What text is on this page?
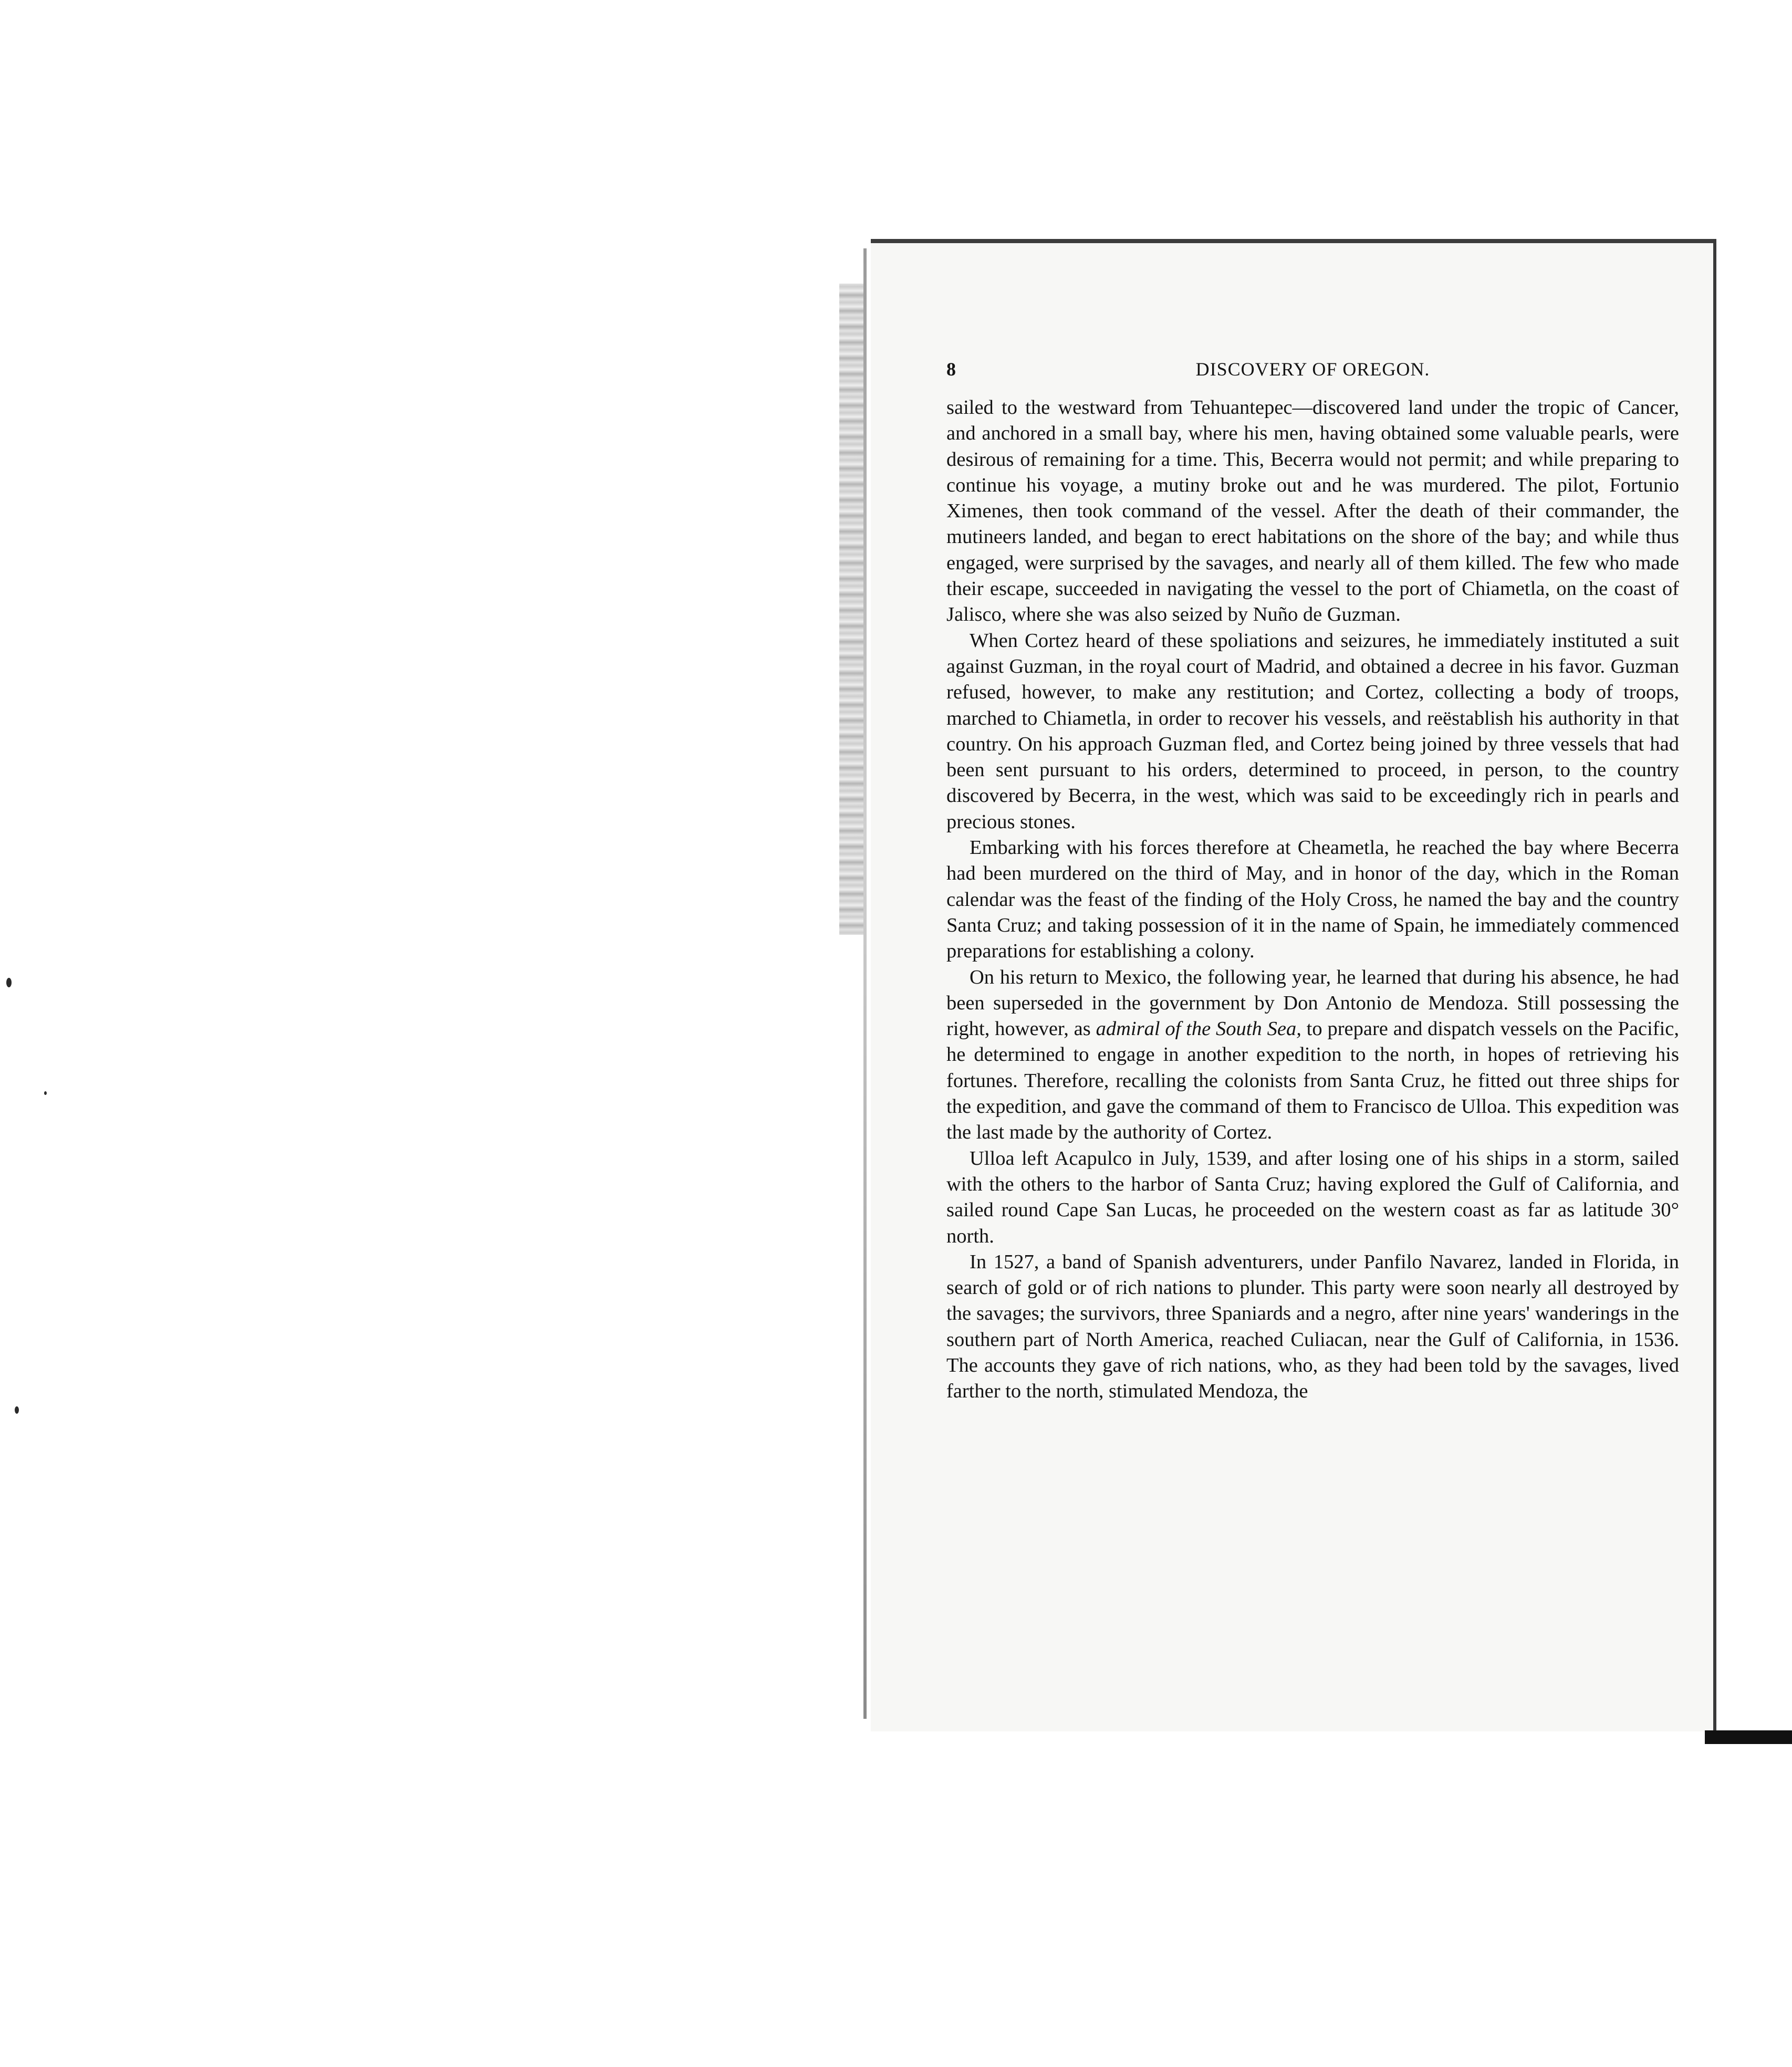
8	DISCOVERY OF OREGON.

sailed to the westward from Tehuantepec—discovered land under the tropic of Cancer, and anchored in a small bay, where his men, having obtained some valuable pearls, were desirous of remaining for a time. This, Becerra would not permit; and while preparing to continue his voyage, a mutiny broke out and he was murdered. The pilot, Fortunio Ximenes, then took command of the vessel. After the death of their commander, the mutineers landed, and began to erect habitations on the shore of the bay; and while thus engaged, were surprised by the savages, and nearly all of them killed. The few who made their escape, succeeded in navigating the vessel to the port of Chiametla, on the coast of Jalisco, where she was also seized by Nuño de Guzman.

When Cortez heard of these spoliations and seizures, he immediately instituted a suit against Guzman, in the royal court of Madrid, and obtained a decree in his favor. Guzman refused, however, to make any restitution; and Cortez, collecting a body of troops, marched to Chiametla, in order to recover his vessels, and reëstablish his authority in that country. On his approach Guzman fled, and Cortez being joined by three vessels that had been sent pursuant to his orders, determined to proceed, in person, to the country discovered by Becerra, in the west, which was said to be exceedingly rich in pearls and precious stones.

Embarking with his forces therefore at Cheametla, he reached the bay where Becerra had been murdered on the third of May, and in honor of the day, which in the Roman calendar was the feast of the finding of the Holy Cross, he named the bay and the country Santa Cruz; and taking possession of it in the name of Spain, he immediately commenced preparations for establishing a colony.

On his return to Mexico, the following year, he learned that during his absence, he had been superseded in the government by Don Antonio de Mendoza. Still possessing the right, however, as admiral of the South Sea, to prepare and dispatch vessels on the Pacific, he determined to engage in another expedition to the north, in hopes of retrieving his fortunes. Therefore, recalling the colonists from Santa Cruz, he fitted out three ships for the expedition, and gave the command of them to Francisco de Ulloa. This expedition was the last made by the authority of Cortez.

Ulloa left Acapulco in July, 1539, and after losing one of his ships in a storm, sailed with the others to the harbor of Santa Cruz; having explored the Gulf of California, and sailed round Cape San Lucas, he proceeded on the western coast as far as latitude 30° north.

In 1527, a band of Spanish adventurers, under Panfilo Navarez, landed in Florida, in search of gold or of rich nations to plunder. This party were soon nearly all destroyed by the savages; the survivors, three Spaniards and a negro, after nine years' wanderings in the southern part of North America, reached Culiacan, near the Gulf of California, in 1536. The accounts they gave of rich nations, who, as they had been told by the savages, lived farther to the north, stimulated Mendoza, the
